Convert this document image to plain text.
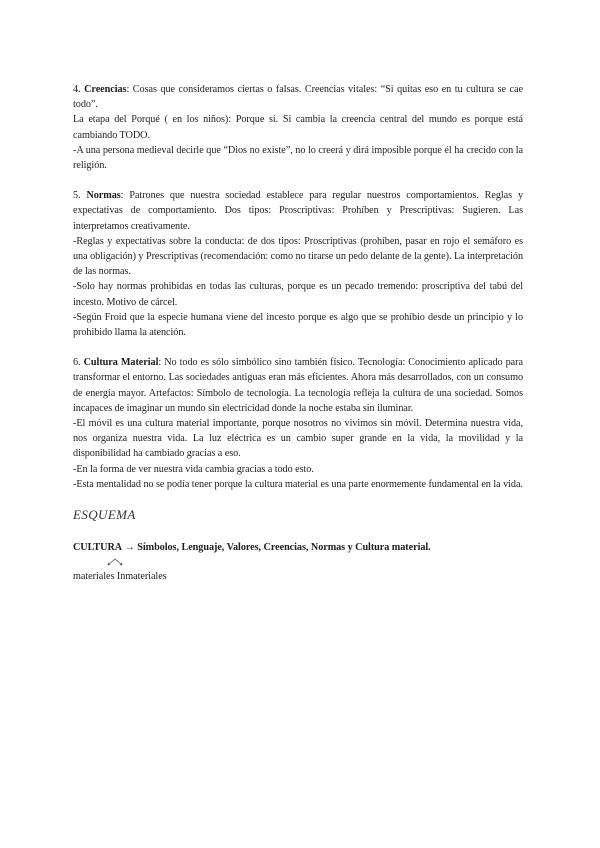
4. Creencias: Cosas que consideramos ciertas o falsas. Creencias vitales: “Si quitas eso en tu cultura se cae todo”.

La etapa del Porqué ( en los niños): Porque sí. Si cambia la creencia central del mundo es porque está cambiando TODO.

-A una persona medieval decirle que “Dios no existe”, no lo creerá y dirá imposible porque él ha crecido con la religión.

5. Normas: Patrones que nuestra sociedad establece para regular nuestros comportamientos. Reglas y expectativas de comportamiento. Dos tipos: Proscriptivas: Prohíben y Prescriptivas: Sugieren. Las interpretamos creativamente.

-Reglas y expectativas sobre la conducta: de dos tipos: Proscriptivas (prohíben, pasar en rojo el semáforo es una obligación) y Prescriptivas (recomendación: como no tirarse un pedo delante de la gente). La interpretación de las normas.

-Solo hay normas prohibidas en todas las culturas, porque es un pecado tremendo: proscriptiva del tabú del incesto. Motivo de cárcel.

-Según Froid que la especie humana viene del incesto porque es algo que se prohíbio desde un principio y lo prohibido llama la atención.

6. Cultura Material: No todo es sólo simbólico sino también físico. Tecnología: Conocimiento aplicado para transformar el entorno. Las sociedades antiguas eran más eficientes. Ahora más desarrollados, con un consumo de energía mayor. Artefactos: Símbolo de tecnología. La tecnología refleja la cultura de una sociedad. Somos incapaces de imaginar un mundo sin electricidad donde la noche estaba sin iluminar.

-El móvil es una cultura material importante, porque nosotros no vivimos sin móvil. Determina nuestra vida, nos organiza nuestra vida. La luz eléctrica es un cambio super grande en la vida, la movilidad y la disponibilidad ha cambiado gracias a eso.

-En la forma de ver nuestra vida cambia gracias a todo esto.

-Esta mentalidad no se podía tener porque la cultura material es una parte enormemente fundamental en la vida.

ESQUEMA

CULTURA → Símbolos, Lenguaje, Valores, Creencias, Normas y Cultura material.

materiales Inmateriales
